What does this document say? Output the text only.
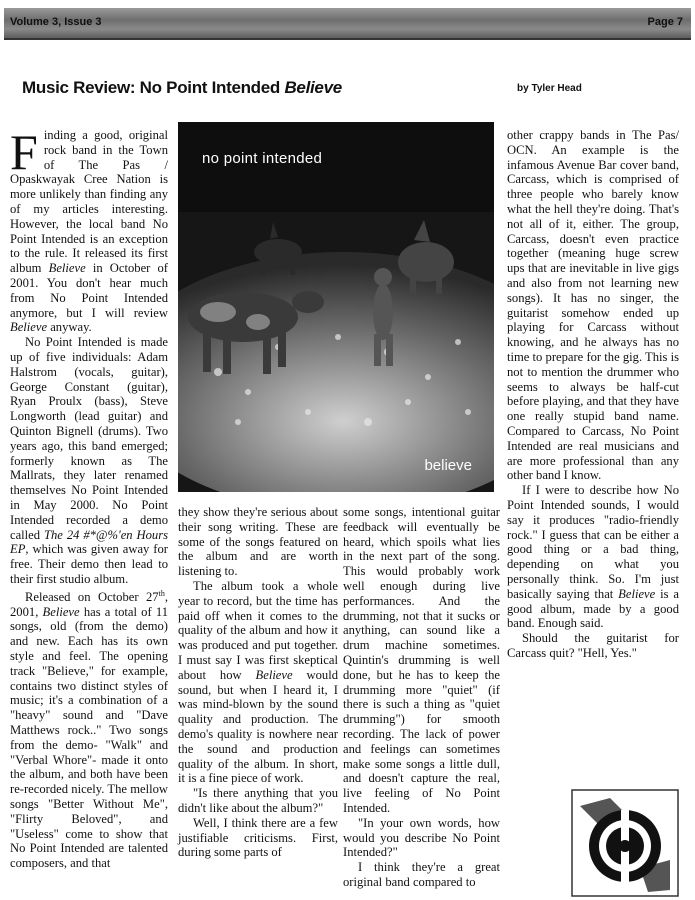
Volume 3, Issue 3	Page 7
Music Review: No Point Intended Believe	by Tyler Head

Finding a good, original rock band in the Town of The Pas / Opaskwayak Cree Nation is more unlikely than finding any of my articles interesting. However, the local band No Point Intended is an exception to the rule. It released its first album Believe in October of 2001. You don't hear much from No Point Intended anymore, but I will review Believe anyway.

No Point Intended is made up of five individuals: Adam Halstrom (vocals, guitar), George Constant (guitar), Ryan Proulx (bass), Steve Longworth (lead guitar) and Quinton Bignell (drums). Two years ago, this band emerged; formerly known as The Mallrats, they later renamed themselves No Point Intended in May 2000. No Point Intended recorded a demo called The 24 #*@%'en Hours EP, which was given away for free. Their demo then lead to their first studio album.

Released on October 27th, 2001, Believe has a total of 11 songs, old (from the demo) and new. Each has its own style and feel. The opening track "Believe," for example, contains two distinct styles of music; it's a combination of a "heavy" sound and "Dave Matthews rock.." Two songs from the demo- "Walk" and "Verbal Whore"- made it onto the album, and both have been re-recorded nicely. The mellow songs "Better Without Me", "Flirty Beloved", and "Useless" come to show that No Point Intended are talented composers, and that

no point intended
believe

they show they're serious about their song writing. These are some of the songs featured on the album and are worth listening to.

The album took a whole year to record, but the time has paid off when it comes to the quality of the album and how it was produced and put together. I must say I was first skeptical about how Believe would sound, but when I heard it, I was mind-blown by the sound quality and production. The demo's quality is nowhere near the sound and production quality of the album. In short, it is a fine piece of work.

"Is there anything that you didn't like about the album?"

Well, I think there are a few justifiable criticisms. First, during some parts of

some songs, intentional guitar feedback will eventually be heard, which spoils what lies in the next part of the song. This would probably work well enough during live performances. And the drumming, not that it sucks or anything, can sound like a drum machine sometimes. Quintin's drumming is well done, but he has to keep the drumming more "quiet" (if there is such a thing as "quiet drumming") for smooth recording. The lack of power and feelings can sometimes make some songs a little dull, and doesn't capture the real, live feeling of No Point Intended.

"In your own words, how would you describe No Point Intended?"

I think they're a great original band compared to

other crappy bands in The Pas/ OCN. An example is the infamous Avenue Bar cover band, Carcass, which is comprised of three people who barely know what the hell they're doing. That's not all of it, either. The group, Carcass, doesn't even practice together (meaning huge screw ups that are inevitable in live gigs and also from not learning new songs). It has no singer, the guitarist somehow ended up playing for Carcass without knowing, and he always has no time to prepare for the gig. This is not to mention the drummer who seems to always be half-cut before playing, and that they have one really stupid band name. Compared to Carcass, No Point Intended are real musicians and are more professional than any other band I know.

If I were to describe how No Point Intended sounds, I would say it produces "radio-friendly rock." I guess that can be either a good thing or a bad thing, depending on what you personally think. So. I'm just basically saying that Believe is a good album, made by a good band. Enough said.

Should the guitarist for Carcass quit? "Hell, Yes."
